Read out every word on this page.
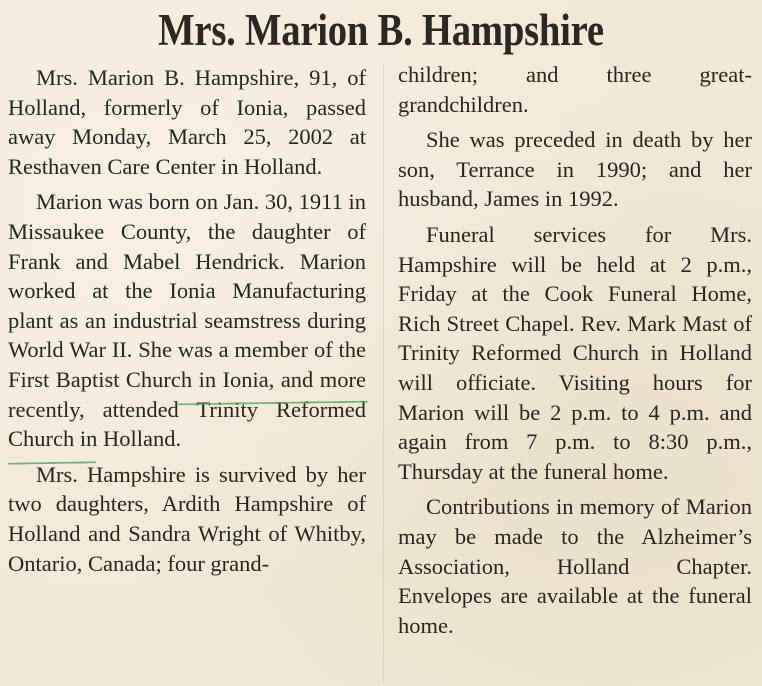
Mrs. Marion B. Hampshire

Mrs. Marion B. Hampshire, 91, of Holland, formerly of Ionia, passed away Monday, March 25, 2002 at Resthaven Care Center in Holland.

Marion was born on Jan. 30, 1911 in Missaukee County, the daughter of Frank and Mabel Hendrick. Marion worked at the Ionia Manufacturing plant as an industrial seamstress during World War II. She was a member of the First Baptist Church in Ionia, and more recently, attended Trinity Reformed Church in Holland.

Mrs. Hampshire is survived by her two daughters, Ardith Hampshire of Holland and Sandra Wright of Whitby, Ontario, Canada; four grand-

children; and three great-grandchildren.

She was preceded in death by her son, Terrance in 1990; and her husband, James in 1992.

Funeral services for Mrs. Hampshire will be held at 2 p.m., Friday at the Cook Funeral Home, Rich Street Chapel. Rev. Mark Mast of Trinity Reformed Church in Holland will officiate. Visiting hours for Marion will be 2 p.m. to 4 p.m. and again from 7 p.m. to 8:30 p.m., Thursday at the funeral home.

Contributions in memory of Marion may be made to the Alzheimer’s Association, Holland Chapter. Envelopes are available at the funeral home.
